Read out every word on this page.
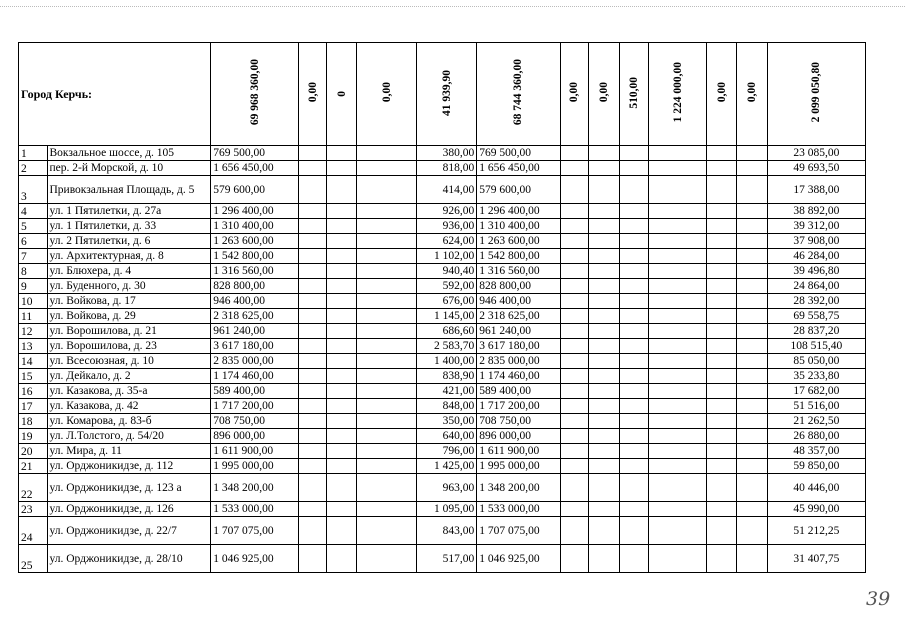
Город Керчь:		69 968 360,00	0,00	0	0,00	41 939,90	68 744 360,00	0,00	0,00	510,00	1 224 000,00	0,00	0,00	2 099 050,80
1	Вокзальное шоссе, д. 105	769 500,00				380,00	769 500,00							23 085,00
2	пер. 2-й Морской, д. 10	1 656 450,00				818,00	1 656 450,00							49 693,50
3	Привокзальная Площадь, д. 5	579 600,00				414,00	579 600,00							17 388,00
4	ул. 1 Пятилетки, д. 27а	1 296 400,00				926,00	1 296 400,00							38 892,00
5	ул. 1 Пятилетки, д. 33	1 310 400,00				936,00	1 310 400,00							39 312,00
6	ул. 2 Пятилетки, д. 6	1 263 600,00				624,00	1 263 600,00							37 908,00
7	ул. Архитектурная, д. 8	1 542 800,00				1 102,00	1 542 800,00							46 284,00
8	ул. Блюхера, д. 4	1 316 560,00				940,40	1 316 560,00							39 496,80
9	ул. Буденного, д. 30	828 800,00				592,00	828 800,00							24 864,00
10	ул. Войкова, д. 17	946 400,00				676,00	946 400,00							28 392,00
11	ул. Войкова, д. 29	2 318 625,00				1 145,00	2 318 625,00							69 558,75
12	ул. Ворошилова, д. 21	961 240,00				686,60	961 240,00							28 837,20
13	ул. Ворошилова, д. 23	3 617 180,00				2 583,70	3 617 180,00							108 515,40
14	ул. Всесоюзная, д. 10	2 835 000,00				1 400,00	2 835 000,00							85 050,00
15	ул. Дейкало, д. 2	1 174 460,00				838,90	1 174 460,00							35 233,80
16	ул. Казакова, д. 35-а	589 400,00				421,00	589 400,00							17 682,00
17	ул. Казакова, д. 42	1 717 200,00				848,00	1 717 200,00							51 516,00
18	ул. Комарова, д. 83-б	708 750,00				350,00	708 750,00							21 262,50
19	ул. Л.Толстого, д. 54/20	896 000,00				640,00	896 000,00							26 880,00
20	ул. Мира, д. 11	1 611 900,00				796,00	1 611 900,00							48 357,00
21	ул. Орджоникидзе, д. 112	1 995 000,00				1 425,00	1 995 000,00							59 850,00
22	ул. Орджоникидзе, д. 123 а	1 348 200,00				963,00	1 348 200,00							40 446,00
23	ул. Орджоникидзе, д. 126	1 533 000,00				1 095,00	1 533 000,00							45 990,00
24	ул. Орджоникидзе, д. 22/7	1 707 075,00				843,00	1 707 075,00							51 212,25
25	ул. Орджоникидзе, д. 28/10	1 046 925,00				517,00	1 046 925,00							31 407,75
39
